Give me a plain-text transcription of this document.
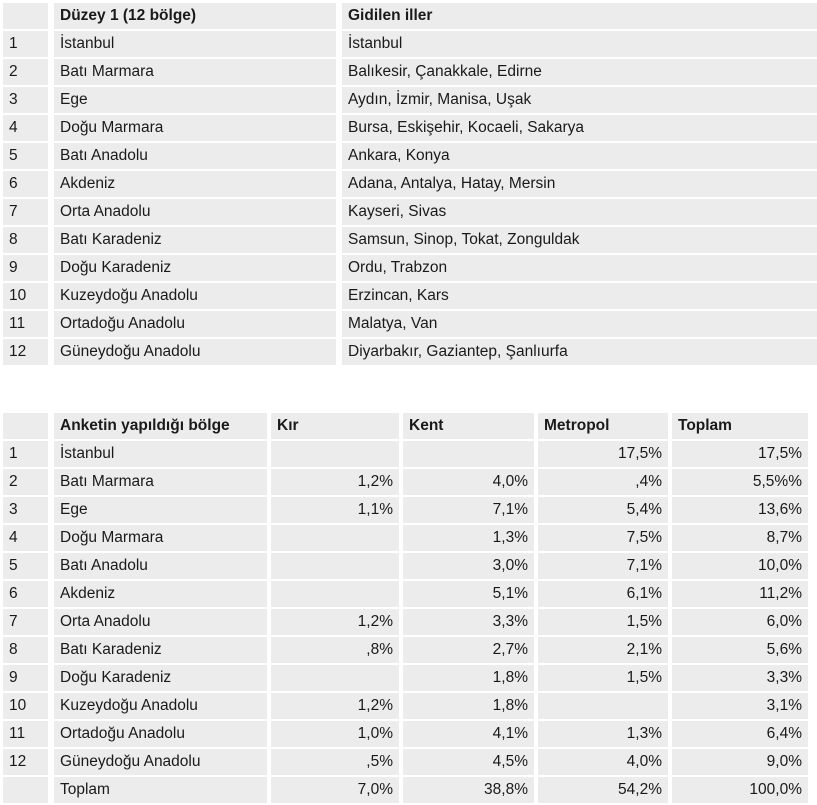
		Düzey 1 (12 bölge)		Gidilen iller
1		İstanbul		İstanbul
2		Batı Marmara		Balıkesir, Çanakkale, Edirne
3		Ege		Aydın, İzmir, Manisa, Uşak
4		Doğu Marmara		Bursa, Eskişehir, Kocaeli, Sakarya
5		Batı Anadolu		Ankara, Konya
6		Akdeniz		Adana, Antalya, Hatay, Mersin
7		Orta Anadolu		Kayseri, Sivas
8		Batı Karadeniz		Samsun, Sinop, Tokat, Zonguldak
9		Doğu Karadeniz		Ordu, Trabzon
10		Kuzeydoğu Anadolu		Erzincan, Kars
11		Ortadoğu Anadolu		Malatya, Van
12		Güneydoğu Anadolu		Diyarbakır, Gaziantep, Şanlıurfa
		Anketin yapıldığı bölge		Kır		Kent		Metropol		Toplam
1		İstanbul						17,5%		17,5%
2		Batı Marmara		1,2%		4,0%		,4%		5,5%%
3		Ege		1,1%		7,1%		5,4%		13,6%
4		Doğu Marmara				1,3%		7,5%		8,7%
5		Batı Anadolu				3,0%		7,1%		10,0%
6		Akdeniz				5,1%		6,1%		11,2%
7		Orta Anadolu		1,2%		3,3%		1,5%		6,0%
8		Batı Karadeniz		,8%		2,7%		2,1%		5,6%
9		Doğu Karadeniz				1,8%		1,5%		3,3%
10		Kuzeydoğu Anadolu		1,2%		1,8%				3,1%
11		Ortadoğu Anadolu		1,0%		4,1%		1,3%		6,4%
12		Güneydoğu Anadolu		,5%		4,5%		4,0%		9,0%
		Toplam		7,0%		38,8%		54,2%		100,0%
